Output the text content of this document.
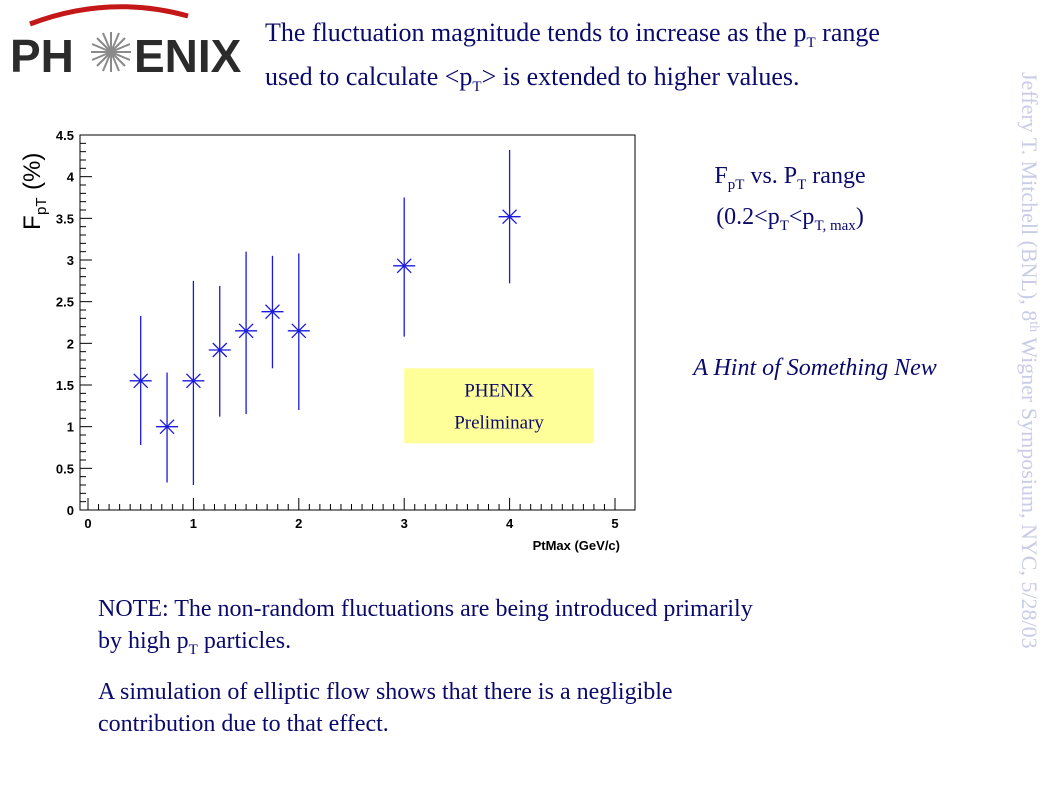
PH ENIX The fluctuation magnitude tends to increase as the $p_T$ range used to calculate $<p_T>$ is extended to higher values.
F
pT
(%)
0
0.5
1
1.5
2
2.5
3
3.5
4
4.5
0	1	2	3	4	5
PHENIX
Preliminary
PtMax (GeV/c)
$F_{pT}$ vs. $P_T$ range
$(0.2<p_T<p_{T, max})$
A Hint of Something New

NOTE: The non-random fluctuations are being introduced primarily by high $p_T$ particles.

A simulation of elliptic flow shows that there is a negligible contribution due to that effect.

Jeffery T. Mitchell (BNL), 8th Wigner Symposium, NYC, 5/28/03
